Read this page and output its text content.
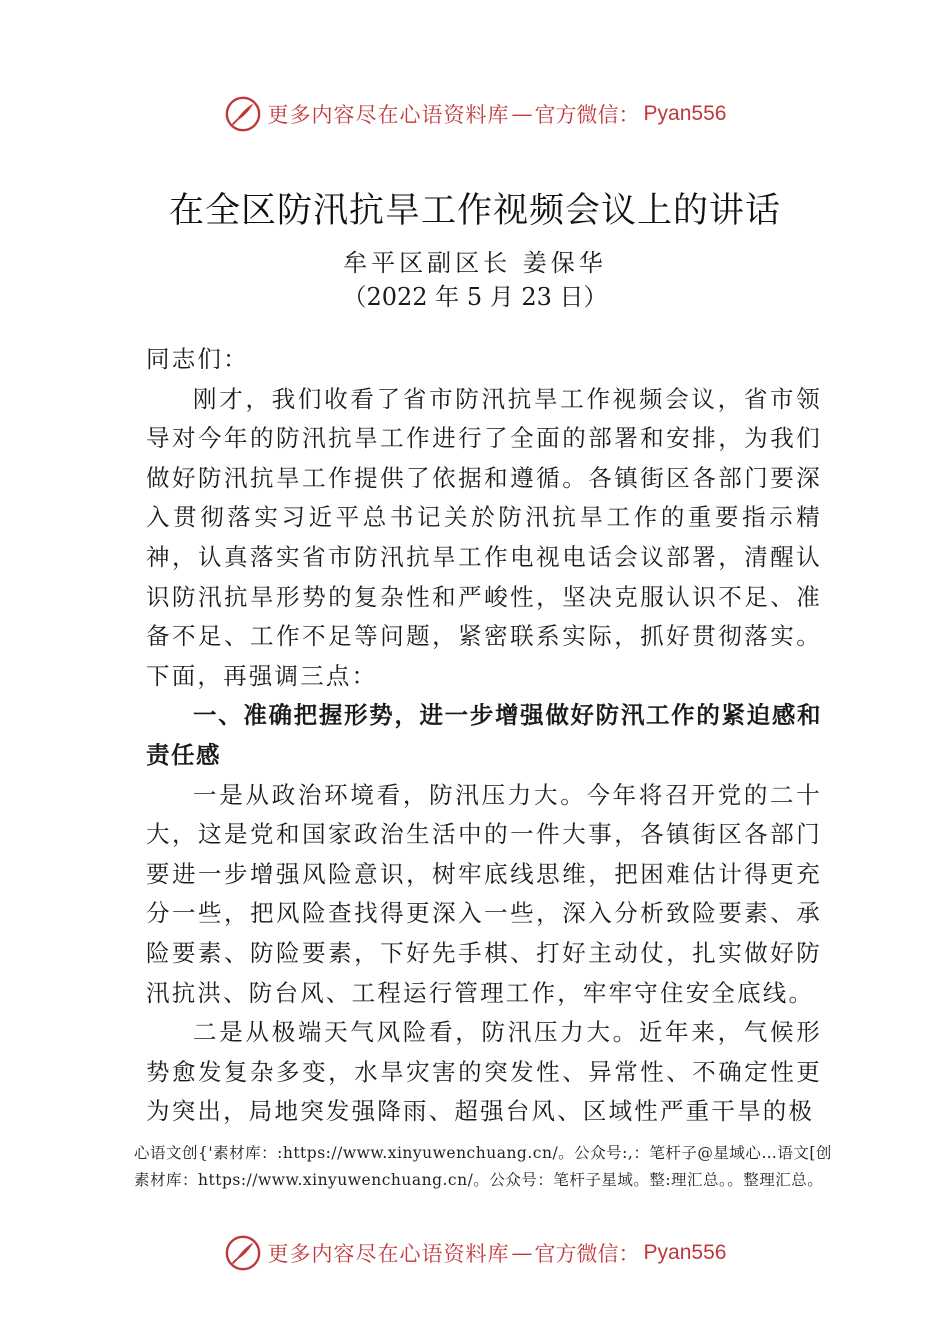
更多内容尽在心语资料库 — 官方微信： Pyan556
在全区防汛抗旱工作视频会议上的讲话
牟平区副区长 姜保华
（2022 年 5 月 23 日）

同志们：

刚才，我们收看了省市防汛抗旱工作视频会议，省市领导对今年的防汛抗旱工作进行了全面的部署和安排，为我们做好防汛抗旱工作提供了依据和遵循。各镇街区各部门要深入贯彻落实习近平总书记关於防汛抗旱工作的重要指示精神，认真落实省市防汛抗旱工作电视电话会议部署，清醒认识防汛抗旱形势的复杂性和严峻性，坚决克服认识不足、准备不足、工作不足等问题，紧密联系实际，抓好贯彻落实。下面，再强调三点：

一、准确把握形势，进一步增强做好防汛工作的紧迫感和责任感

一是从政治环境看，防汛压力大。今年将召开党的二十大，这是党和国家政治生活中的一件大事，各镇街区各部门要进一步增强风险意识，树牢底线思维，把困难估计得更充分一些，把风险查找得更深入一些，深入分析致险要素、承险要素、防险要素，下好先手棋、打好主动仗，扎实做好防汛抗洪、防台风、工程运行管理工作，牢牢守住安全底线。

二是从极端天气风险看，防汛压力大。近年来，气候形势愈发复杂多变，水旱灾害的突发性、异常性、不确定性更为突出，局地突发强降雨、超强台风、区域性严重干旱的极

心语文创{'素材库：:https://www.xinyuwenchuang.cn/。公众号:,：笔杆子@星域心…语文[创素材库：https://www.xinyuwenchuang.cn/。公众号：笔杆子星域。整:理汇总。。整理汇总。
更多内容尽在心语资料库 — 官方微信： Pyan556
